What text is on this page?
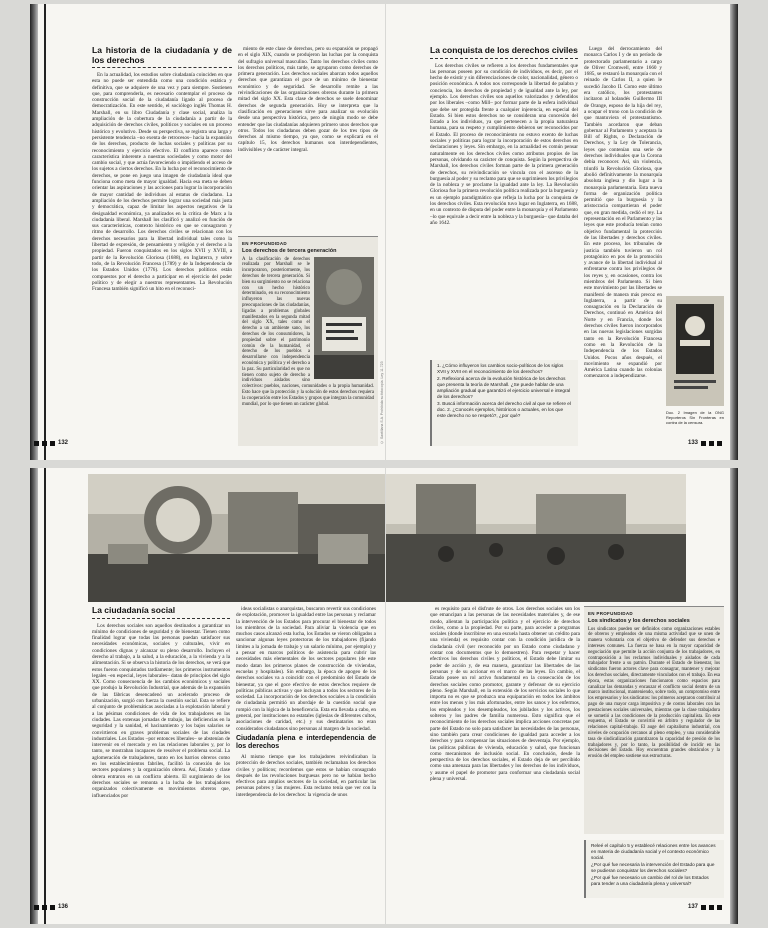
La historia de la ciudadanía y de los derechos

En la actualidad, los estudios sobre ciudadanía coinciden en que esta no puede ser entendida como una condición estática y definitiva, que se adquiere de una vez y para siempre. Sostienen que, para comprenderla, es necesario contemplar el proceso de construcción social de la ciudadanía ligado al proceso de democratización. En este sentido, el sociólogo inglés Thomas H. Marshall, en su libro Ciudadanía y clase social, analiza la ampliación de la cobertura de la ciudadanía a partir de la adquisición de derechos civiles, políticos y sociales en un proceso histórico y evolutivo. Desde su perspectiva, se registra una larga y persistente tendencia –no exenta de retrocesos– hacia la expansión de los derechos, producto de luchas sociales y políticas por su reconocimiento y ejercicio efectivo. El conflicto aparece como característica inherente a nuestras sociedades y como motor del cambio social, y que actúa favoreciendo o impidiendo el acceso de los sujetos a ciertos derechos. En la lucha por el reconocimiento de derechos, se pone en juego una imagen de ciudadanía ideal que funciona como meta de mayor igualdad. Hacia esa meta se deben orientar las aspiraciones y las acciones para lograr la incorporación de mayor cantidad de individuos al estatus de ciudadano. La ampliación de los derechos permite lograr una sociedad más justa y democrática, capaz de limitar los aspectos negativos de la desigualdad económica, ya analizados en la crítica de Marx a la ciudadanía liberal. Marshall los clasificó y analizó en función de sus características, contexto histórico en que se consagraron y ritmo de desarrollo. Los derechos civiles se relacionan con los derechos necesarios para la libertad individual tales como la libertad de expresión, de pensamiento y religión y el derecho a la propiedad. Fueron conquistados en los siglos XVII y XVIII, a partir de la Revolución Gloriosa (1688), en Inglaterra, y sobre todo, de la Revolución Francesa (1789) y de la Independencia de los Estados Unidos (1776). Los derechos políticos están compuestos por el derecho a participar en el ejercicio del poder político y de elegir a nuestros representantes. La Revolución Francesa también significó un hito en el reconoci-

miento de este clase de derechos, pero su expansión se propagó en el siglo XIX, cuando se produjeron las luchas por la conquista del sufragio universal masculino. Tanto los derechos civiles como los derechos políticos, más tarde, se agruparon como derechos de primera generación. Los derechos sociales abarcan todos aquellos derechos que garantizan el goce de un mínimo de bienestar económico y de seguridad. Se desarrollo remite a las reivindicaciones de las organizaciones obreras durante la primera mitad del siglo XX. Esta clase de derechos se suele denominar derechos de segunda generación. Hoy se interpreta que la clasificación en generaciones sirve para analizar su evolución desde una perspectiva histórica, pero de ningún modo se debe entender que las ciudadanías adquieren primero unos derechos que otros. Todos los ciudadanos deben gozar de los tres tipos de derechos al mismo tiempo, ya que, como se explicará en el capítulo 15, los derechos humanos son interdependientes, indivisibles y de carácter integral.

EN PROFUNDIDAD
Los derechos de tercera generación

A la clasificación de derechos realizada por Marshall se le incorporaron, posteriormente, los derechos de tercera generación. Si bien su surgimiento no se relaciona con un hecho histórico determinado, en su reconocimiento influyeron las nuevas preocupaciones de las ciudadanías, ligadas a problemas globales manifestados en la segunda mitad del siglo XX, tales como el derecho a un ambiente sano, los derechos de los consumidores, la propiedad sobre el patrimonio común de la humanidad, el derecho de los pueblos a desarrollarse con independencia económica y política y el derecho a la paz. Su particularidad es que no tienen como sujeto de derecho a individuos aislados sino colectivos: pueblos, naciones, comunidades o la propia humanidad. Esto hace que la protección y la solución de estos derechos requiera la cooperación entre los Estados y grupos que integran la comunidad mundial, por lo que tienen un carácter global.	© Santillana S.A. Prohibida su fotocopia. Ley 11.723
132
La conquista de los derechos civiles

Los derechos civiles se refieren a los derechos fundamentales que las personas poseen por su condición de individuos, es decir, por el hecho de existir y sin diferenciaciones de color, nacionalidad, género o posición económica. A todos nos corresponde la libertad de palabra y conciencia, los derechos de propiedad y de igualdad ante la ley, por ejemplo. Los derechos civiles son aquellos valorizados y defendidos por los liberales –como Mill– por formar parte de la esfera individual que debe ser protegida frente a cualquier injerencia, en especial del Estado. Si bien estos derechos no se consideran una concesión del Estado a los individuos, ya que pertenecen a la propia naturaleza humana, para su respeto y cumplimiento debieron ser reconocidos por el Estado. El proceso de reconocimiento no estuvo exento de luchas sociales y políticas para lograr la incorporación de estos derechos en declaraciones y leyes. Sin embargo, en la actualidad es común pensar naturalmente en los derechos civiles como atributos propios de las personas, olvidando su carácter de conquista. Según la perspectiva de Marshall, los derechos civiles forman parte de la primera generación de derechos, su reivindicación se vincula con el ascenso de la burguesía al poder y su reclamo para que se suprimiesen los privilegios de la nobleza y se proclame la igualdad ante la ley. La Revolución Gloriosa fue la primera revolución política realizada por la burguesía y es un ejemplo paradigmático que refleja la lucha por la conquista de los derechos civiles. Esta revolución tuvo lugar en Inglaterra, en 1688, en un contexto de disputa del poder entre la monarquía y el Parlamento –lo que equivale a decir entre la nobleza y la burguesía– que databa del año 1642.

1. ¿Cómo influyeron los cambios socio-políticos de los siglos XVII y XVIII en el reconocimiento de los derechos?
2. Reflexioná acerca de la evolución histórica de los derechos que presenta la teoría de Marshall. ¿Se puede hablar de una ampliación gradual que garantizó el ejercicio universal e integral de los derechos?
3. Buscá información acerca del derecho civil al que se refiere el doc. 2. ¿Conocés ejemplos, históricos o actuales, en los que este derecho no se respetó?, ¿por qué?
Doc. 2 Imagen de la ONG Reporteros Sin Fronteras en contra de la censura.

Luego del derrocamiento del monarca Carlos I y de un período de protectorado parlamentario a cargo de Oliver Cromwell, entre 1660 y 1685, se restauró la monarquía con el reinado de Carlos II, a quien le sucedió Jacobo II. Como este último era católico, los protestantes incitaron al holandés Guillermo III de Orange, esposo de la hija del rey, a ocupar el trono con la condición de que mantuviera el protestantismo. También acordaron que deban gobernar al Parlamento y aceptara la Bill of Rights, o Declaración de Derechos, y la Ley de Tolerancia, leyes que contenían una serie de derechos individuales que la Corona debía reconocer. Así, sin violencia, triunfó la Revolución Gloriosa, que abolió definitivamente la monarquía absoluta inglesa y dio lugar a la monarquía parlamentaria. Esta nueva forma de organización política permitió que la burguesía y la aristocracia compartieran el poder que, en gran medida, cedió el rey. La representación en el Parlamento y las leyes que este producía tenían como objetivo fundamental la protección de las libertades y derechos civiles. En este proceso, los tribunales de justicia también tuvieron un rol protagónico en pos de la promoción y avance de la libertad individual al enfrentarse contra los privilegios de los reyes y, en ocasiones, contra los miembros del Parlamento. Si bien este movimiento por las libertades se manifestó de manera más precoz en Inglaterra, a partir de su consagración en la Declaración de Derechos, continuó en América del Norte y en Francia, donde los derechos civiles fueron incorporados en las nuevas legislaciones surgidas tanto en la Revolución Francesa como en la Revolución de la Independencia de los Estados Unidos. Pocos años después, el movimiento se expandió por América Latina cuando las colonias comenzaron a independizarse.

133
La ciudadanía social

Los derechos sociales son aquellos destinados a garantizar un mínimo de condiciones de seguridad y de bienestar. Tienen como finalidad lograr que todas las personas puedan satisfacer sus necesidades económicas, sociales y culturales, vivir en condiciones dignas y alcanzar su pleno desarrollo. Incluyen el derecho al trabajo, a la salud, a la educación, a la vivienda y a la alimentación. Si se observa la historia de los derechos, se verá que estos fueron conquistados tardíamente; los primeros instrumentos legales –en especial, leyes laborales– datan de principios del siglo XX. Como consecuencia de los cambios económicos y sociales que produjo la Revolución Industrial, que además de la expansión de las fábricas desencadenó un acelerado proceso de urbanización, surgió con fuerza la cuestión social. Esta se refiere al conjunto de problemáticas asociadas a la explotación laboral y a las pésimas condiciones de vida de los trabajadores en las ciudades. Las extensas jornadas de trabajo, las deficiencias en la seguridad y la sanidad, el hacinamiento y los bajos salarios se convirtieron en graves problemas sociales de las ciudades industriales. Los Estados –por entonces liberales– se abstenían de intervenir en el mercado y en las relaciones laborales y, por lo tanto, se mostraban incapaces de resolver el problema social. La aglomeración de trabajadores, tanto en los barrios obreros como en los establecimientos fabriles, facilitó la conexión de los sectores populares y la organización obrera. Así, Estado y clase obrera entraron en un conflicto abierto. El surgimiento de los derechos sociales se remonta a la lucha de los trabajadores organizados colectivamente en movimientos obreros que, influenciados por

ideas socialistas o anarquistas, buscaron revertir sus condiciones de explotación, promover la igualdad entre las personas y reclamar la intervención de los Estados para procurar el bienestar de todos los miembros de la sociedad. Para aliviar la violencia que en muchos casos alcanzó esta lucha, los Estados se vieron obligados a sancionar algunas leyes protectoras de los trabajadores (fijando límites a la jornada de trabajo y un salario mínimo, por ejemplo) y a pensar en marcos políticos de asistencia para cubrir las necesidades más elementales de los sectores populares (de este modo datan los primeros planes de construcción de viviendas, escuelas y hospitales). Sin embargo, la época de apogeo de los derechos sociales va a coincidir con el predominio del Estado de bienestar, ya que el goce efectivo de estos derechos requiere de políticas públicas activas y que incluyan a todos los sectores de la sociedad. La incorporación de los derechos sociales a la condición de ciudadanía permitió un abordaje de la cuestión social que rompió con la lógica de la beneficencia. Esta era llevada a cabo, en general, por instituciones no estatales (iglesias de diferentes cultos, asociaciones de caridad, etc.) y sus destinatarios no eran considerados ciudadanos sino personas al margen de la sociedad.

Ciudadanía plena e interdependencia de los derechos

Al mismo tiempo que los trabajadores reivindicaban la protección de derechos sociales, también reclamaban los derechos civiles y políticos; recordemos que estos se habían consagrado después de las revoluciones burguesas pero no se habían hecho efectivos para amplios sectores de la sociedad, en particular las personas pobres y las mujeres. Esta reclamo tenía que ver con la interdependencia de los derechos: la vigencia de unos

136

es requisito para el disfrute de otros. Los derechos sociales son los que emancipan a las personas de las necesidades materiales y, de ese modo, alientan la participación política y el ejercicio de derechos civiles, como a la propiedad. Por su parte, para acceder a programas sociales (donde inscribirse en una escuela hasta obtener un crédito para una vivienda) es requisito contar con la condición jurídica de la ciudadanía civil (ser reconocido por un Estado como ciudadano y contar con documentos que lo demuestren). Para respetar y hacer efectivos los derechos civiles y políticos, el Estado debe limitar su poder de acción y, de esa manera, garantizar las libertades de las personas y de su accionar en el marco de las leyes. En cambio, el Estado posee un rol activo fundamental en la consecución de los derechos sociales como promotor, garante y defensor de su ejercicio pleno. Según Marshall, en la extensión de los servicios sociales lo que importa no es que se produzca una equiparación en todos los ámbitos entre los menos y los más afortunados, entre los sanos y los enfermos, los empleados y los desempleados, los jubilados y los activos, los solteros y los padres de familia numerosa. Esto significa que el reconocimiento de los derechos sociales implica acciones concretas por parte del Estado no solo para satisfacer las necesidades de las personas, sino también para crear condiciones de igualdad para acceder a los derechos y para compensar las situaciones de desventaja. Por ejemplo, las políticas públicas de vivienda, educación y salud, que funcionan como mecanismos de inclusión social. En conclusión, desde la perspectiva de los derechos sociales, el Estado deja de ser percibido como una amenaza para las libertades y los derechos de los individuos, y asume el papel de promotor para conformar una ciudadanía social plena y universal.

EN PROFUNDIDAD
Los sindicatos y los derechos sociales

Los sindicatos pueden ser definidos como organizaciones estables de obreros y empleados de una misma actividad que se unen de manera voluntaria con el objetivo de defender sus derechos e intereses comunes. La fuerza se basa en la mayor capacidad de negociación que permite la acción conjunta de los trabajadores, en contraposición a los reclamos individuales y aislados de cada trabajador frente a su patrón. Durante el Estado de bienestar, los sindicatos fueron actores clave para consagrar, mantener y mejorar los derechos sociales, directamente vinculados con el trabajo. En esa época, estas organizaciones funcionaron como espacios para canalizar las demandas y encauzar el conflicto social dentro de un marco institucional, manteniendo, sobre todo, un compromiso entre los empresarios y los sindicatos: los primeros aceptaron contribuir al pago de una mayor carga impositiva y de costos laborales con las prestaciones sociales universales, mientras que la clase trabajadora se sometió a las condiciones de la producción capitalista. En este esquema, el Estado se convirtió en árbitro y regulador de las relaciones capital-trabajo. El auge del capitalismo industrial, con niveles de ocupación cercanos al pleno empleo, y una considerable tasa de sindicalización garantizaron la capacidad de presión de los trabajadores y, por lo tanto, la posibilidad de incidir en las decisiones del Estado. Hoy encuentran grandes obstáculos y la erosión del empleo sostiene sus estructuras.

Releé el capítulo 5 y establecé relaciones entre los avances en materia de ciudadanía social y el contexto económico social.
¿Por qué fue necesaria la intervención del Estado para que se pudieran conquistar los derechos sociales?
¿Por qué fue necesario un cambio del rol de los Estados para tender a una ciudadanía plena y universal?
137
